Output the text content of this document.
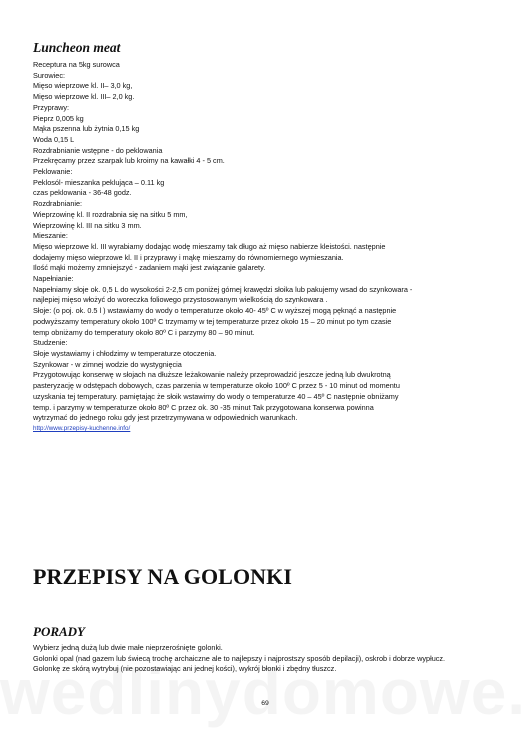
Luncheon meat
Receptura na 5kg surowca
Surowiec:
Mięso wieprzowe kl. II– 3,0 kg,
Mięso wieprzowe kl. III– 2,0 kg.
Przyprawy:
Pieprz 0,005 kg
Mąka pszenna lub żytnia 0,15 kg
Woda 0,15 L
Rozdrabnianie wstępne - do peklowania
Przekręcamy przez szarpak lub kroimy na kawałki 4 - 5 cm.
Peklowanie:
Peklosól- mieszanka peklująca – 0.11 kg
czas peklowania - 36-48 godz.
Rozdrabnianie:
Wieprzowinę kl. II rozdrabnia się na sitku 5 mm,
Wieprzowinę kl. III na sitku 3 mm.
Mieszanie:
Mięso wieprzowe kl. III wyrabiamy dodając wodę mieszamy tak długo aż mięso nabierze kleistości. następnie
dodajemy mięso wieprzowe kl. II i przyprawy i mąkę mieszamy do równomiernego wymieszania.
Ilość mąki możemy zmniejszyć - zadaniem mąki jest związanie galarety.
Napełnianie:
Napełniamy słoje ok. 0,5 L do wysokości 2-2,5 cm poniżej górnej krawędzi słoika lub pakujemy wsad do szynkowara -
najlepiej mięso włożyć do woreczka foliowego przystosowanym wielkością do szynkowara .
Słoje: (o poj. ok. 0.5 l ) wstawiamy do wody o temperaturze około 40- 45º C w wyższej mogą pęknąć a następnie
podwyższamy temperatury około 100º C trzymamy w tej temperaturze przez około 15 – 20 minut po tym czasie
temp obniżamy do temperatury około 80º C i parzymy 80 – 90 minut.
Studzenie:
Słoje wystawiamy i chłodzimy w temperaturze otoczenia.
Szynkowar - w zimnej wodzie do wystygnięcia
Przygotowując konserwę w słojach na dłuższe leżakowanie należy przeprowadzić jeszcze jedną lub dwukrotną
pasteryzację w odstępach dobowych, czas parzenia w temperaturze około 100º C przez 5 - 10 minut od momentu
uzyskania tej temperatury. pamiętając że słoik wstawimy do wody o temperaturze 40 – 45º C następnie obniżamy
temp. i parzymy w temperaturze około 80º C przez ok. 30 -35 minut Tak przygotowana konserwa powinna
wytrzymać do jednego roku gdy jest przetrzymywana w odpowiednich warunkach.
http://www.przepisy-kuchenne.info/
PRZEPISY NA GOLONKI
PORADY
Wybierz jedną dużą lub dwie małe nieprzerośnięte golonki.
Golonki opal (nad gazem lub świecą trochę archaiczne ale to najlepszy i najprostszy sposób depilacji), oskrob i dobrze wypłucz.
Golonkę ze skórą wytrybuj (nie pozostawiając ani jednej kości), wykrój błonki i zbędny tłuszcz.
69
